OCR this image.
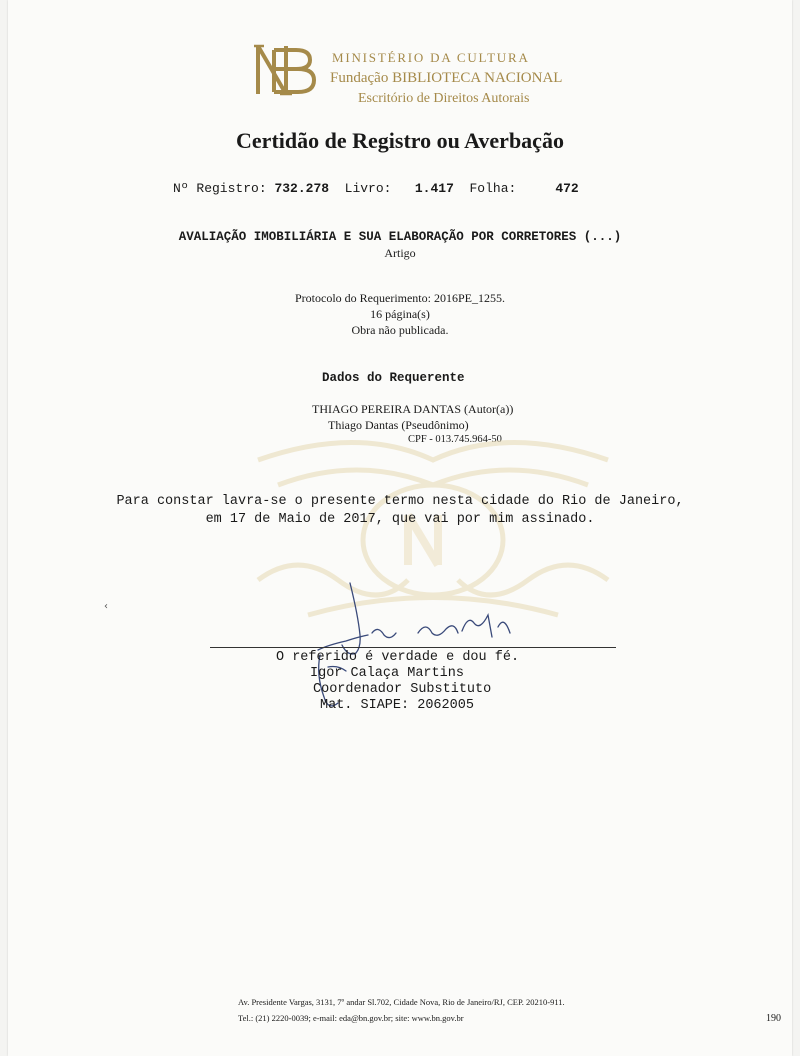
MINISTÉRIO DA CULTURA
Fundação BIBLIOTECA NACIONAL
Escritório de Direitos Autorais
Certidão de Registro ou Averbação
Nº Registro: 732.278 Livro: 1.417 Folha:	472
AVALIAÇÃO IMOBILIÁRIA E SUA ELABORAÇÃO POR CORRETORES (...)
Artigo
Protocolo do Requerimento: 2016PE_1255.
16 página(s)
Obra não publicada.
Dados do Requerente
THIAGO PEREIRA DANTAS (Autor(a))
Thiago Dantas (Pseudônimo)
CPF - 013.745.964-50
Para constar lavra-se o presente termo nesta cidade do Rio de Janeiro,
em 17 de Maio de 2017, que vai por mim assinado.
‹
O referido é verdade e dou fé.
Igor Calaça Martins
Coordenador Substituto
Mat. SIAPE: 2062005
Av. Presidente Vargas, 3131, 7º andar Sl.702, Cidade Nova, Rio de Janeiro/RJ, CEP. 20210-911.
Tel.: (21) 2220-0039; e-mail: eda@bn.gov.br; site: www.bn.gov.br	190
